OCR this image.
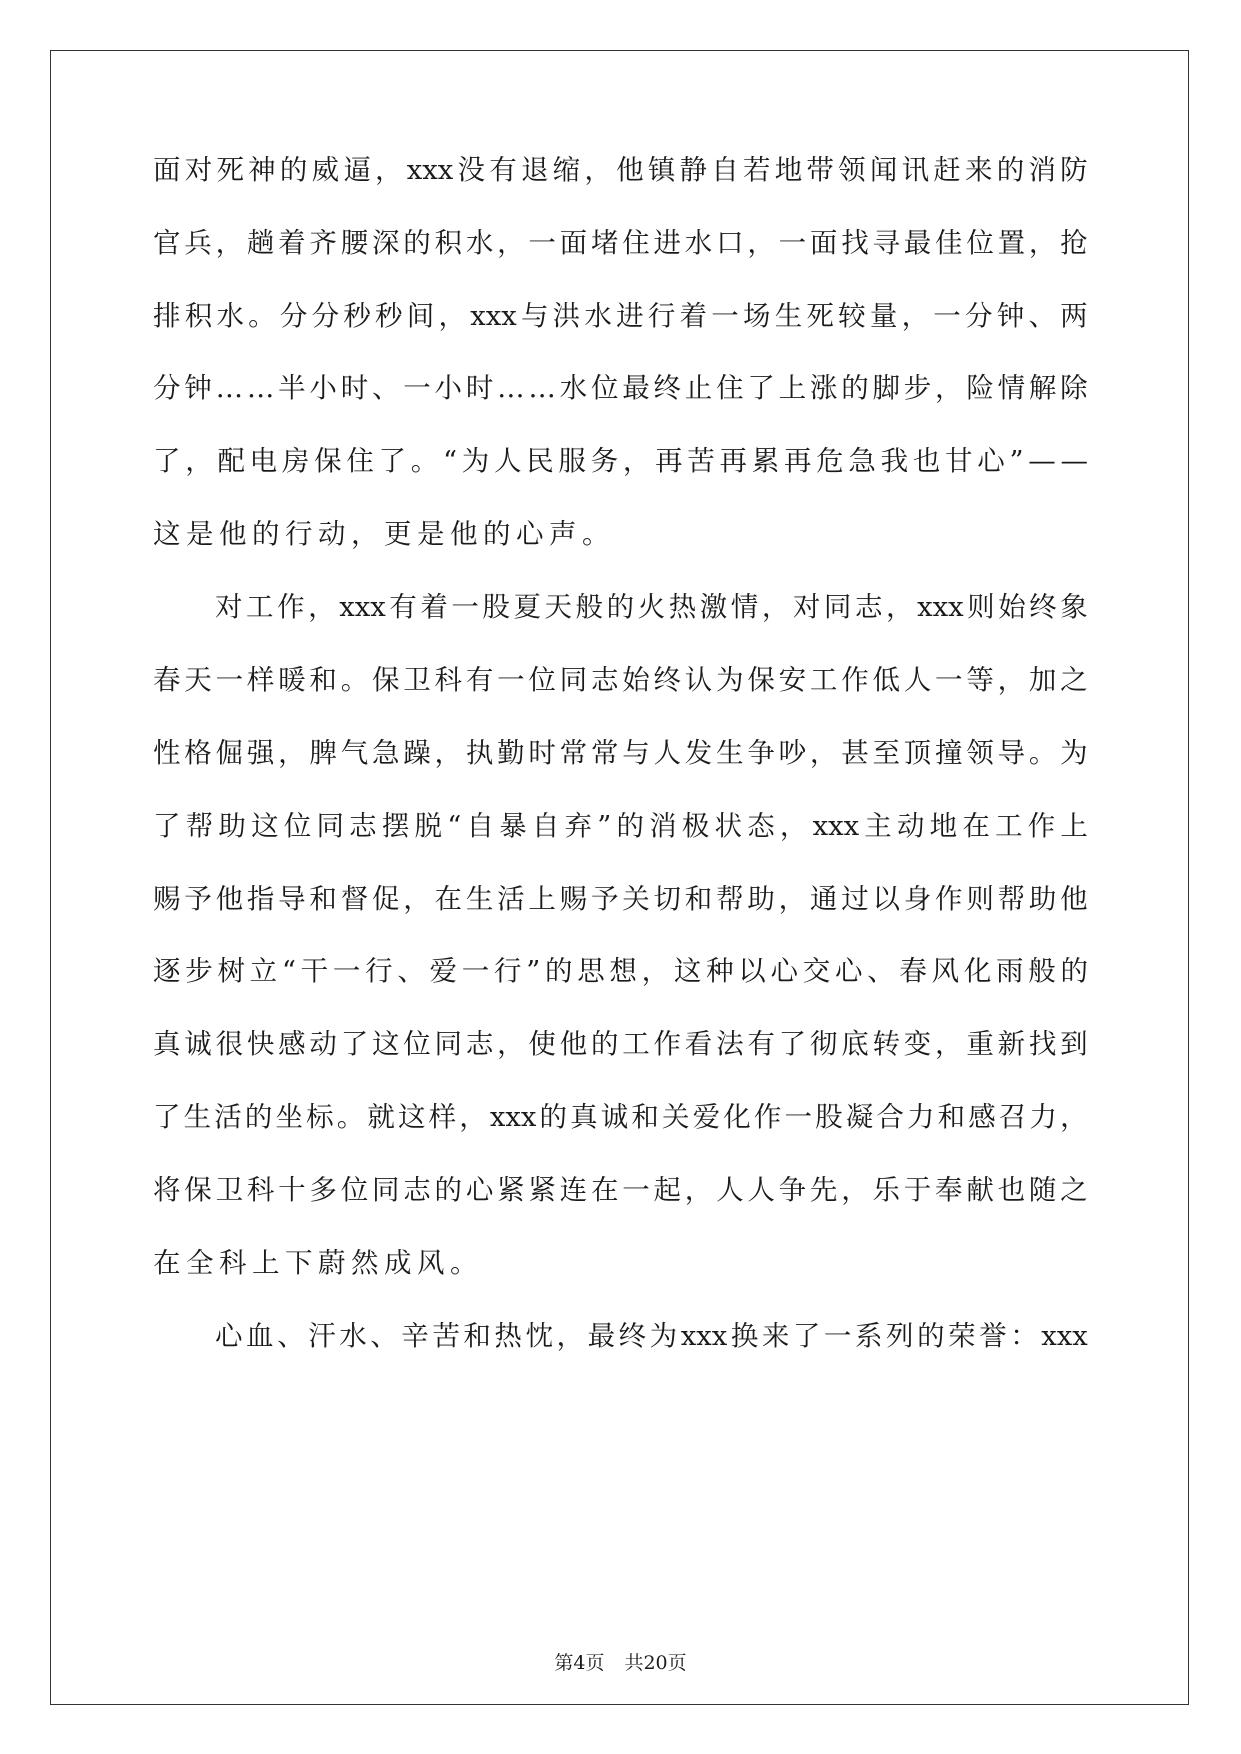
面 对 死 神 的 威 逼 ， xxx 没 有 退 缩 ， 他 镇 静 自 若 地 带 领 闻 讯 赶 来 的 消 防
官 兵 ， 趟 着 齐 腰 深 的 积 水 ， 一 面 堵 住 进 水 口 ， 一 面 找 寻 最 佳 位 置 ， 抢
排 积 水 。 分 分 秒 秒 间 ， xxx 与 洪 水 进 行 着 一 场 生 死 较 量 ， 一 分 钟 、 两
分 钟 … … 半 小 时 、 一 小 时 … … 水 位 最 终 止 住 了 上 涨 的 脚 步 ， 险 情 解 除
了 ， 配 电 房 保 住 了 。 “ 为 人 民 服 务 ， 再 苦 再 累 再 危 急 我 也 甘 心 ” — —
这 是 他 的 行 动 ， 更 是 他 的 心 声 。
对 工 作 ， xxx 有 着 一 股 夏 天 般 的 火 热 激 情 ， 对 同 志 ， xxx 则 始 终 象
春 天 一 样 暖 和 。 保 卫 科 有 一 位 同 志 始 终 认 为 保 安 工 作 低 人 一 等 ， 加 之
性 格 倔 强 ， 脾 气 急 躁 ， 执 勤 时 常 常 与 人 发 生 争 吵 ， 甚 至 顶 撞 领 导 。 为
了 帮 助 这 位 同 志 摆 脱 “ 自 暴 自 弃 ” 的 消 极 状 态 ， xxx 主 动 地 在 工 作 上
赐 予 他 指 导 和 督 促 ， 在 生 活 上 赐 予 关 切 和 帮 助 ， 通 过 以 身 作 则 帮 助 他
逐 步 树 立 “ 干 一 行 、 爱 一 行 ” 的 思 想 ， 这 种 以 心 交 心 、 春 风 化 雨 般 的
真 诚 很 快 感 动 了 这 位 同 志 ， 使 他 的 工 作 看 法 有 了 彻 底 转 变 ， 重 新 找 到
了 生 活 的 坐 标 。 就 这 样 ， xxx 的 真 诚 和 关 爱 化 作 一 股 凝 合 力 和 感 召 力 ，
将 保 卫 科 十 多 位 同 志 的 心 紧 紧 连 在 一 起 ， 人 人 争 先 ， 乐 于 奉 献 也 随 之
在 全 科 上 下 蔚 然 成 风 。
心 血 、 汗 水 、 辛 苦 和 热 忱 ， 最 终 为 xxx 换 来 了 一 系 列 的 荣 誉 ： xxx
第4页 共20页
